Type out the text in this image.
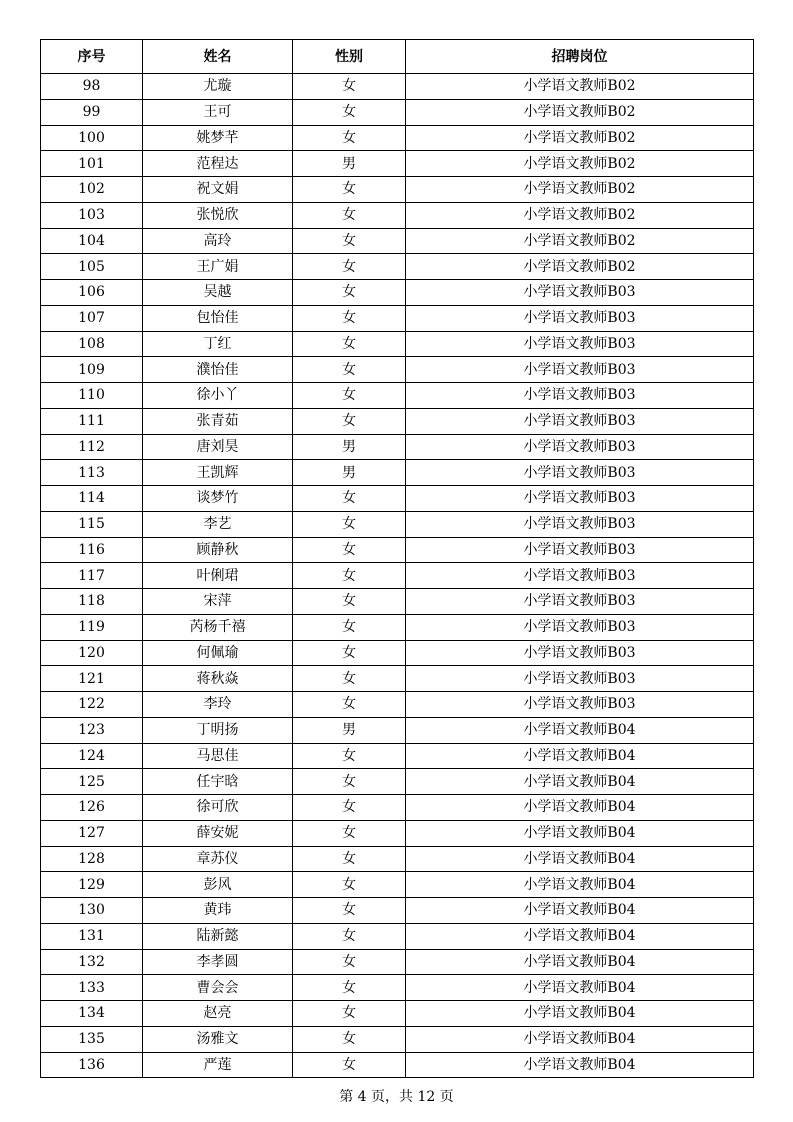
序号	姓名	性别	招聘岗位
98	尤璇	女	小学语文教师B02
99	王可	女	小学语文教师B02
100	姚梦芊	女	小学语文教师B02
101	范程达	男	小学语文教师B02
102	祝文娟	女	小学语文教师B02
103	张悦欣	女	小学语文教师B02
104	高玲	女	小学语文教师B02
105	王广娟	女	小学语文教师B02
106	吴越	女	小学语文教师B03
107	包怡佳	女	小学语文教师B03
108	丁红	女	小学语文教师B03
109	濮怡佳	女	小学语文教师B03
110	徐小丫	女	小学语文教师B03
111	张青茹	女	小学语文教师B03
112	唐刘昊	男	小学语文教师B03
113	王凯辉	男	小学语文教师B03
114	谈梦竹	女	小学语文教师B03
115	李艺	女	小学语文教师B03
116	顾静秋	女	小学语文教师B03
117	叶俐珺	女	小学语文教师B03
118	宋萍	女	小学语文教师B03
119	芮杨千禧	女	小学语文教师B03
120	何佩瑜	女	小学语文教师B03
121	蒋秋焱	女	小学语文教师B03
122	李玲	女	小学语文教师B03
123	丁明扬	男	小学语文教师B04
124	马思佳	女	小学语文教师B04
125	任宇晗	女	小学语文教师B04
126	徐可欣	女	小学语文教师B04
127	薛安妮	女	小学语文教师B04
128	章苏仪	女	小学语文教师B04
129	彭风	女	小学语文教师B04
130	黄玮	女	小学语文教师B04
131	陆新懿	女	小学语文教师B04
132	李孝圆	女	小学语文教师B04
133	曹会会	女	小学语文教师B04
134	赵亮	女	小学语文教师B04
135	汤雅文	女	小学语文教师B04
136	严莲	女	小学语文教师B04
第 4 页，共 12 页
